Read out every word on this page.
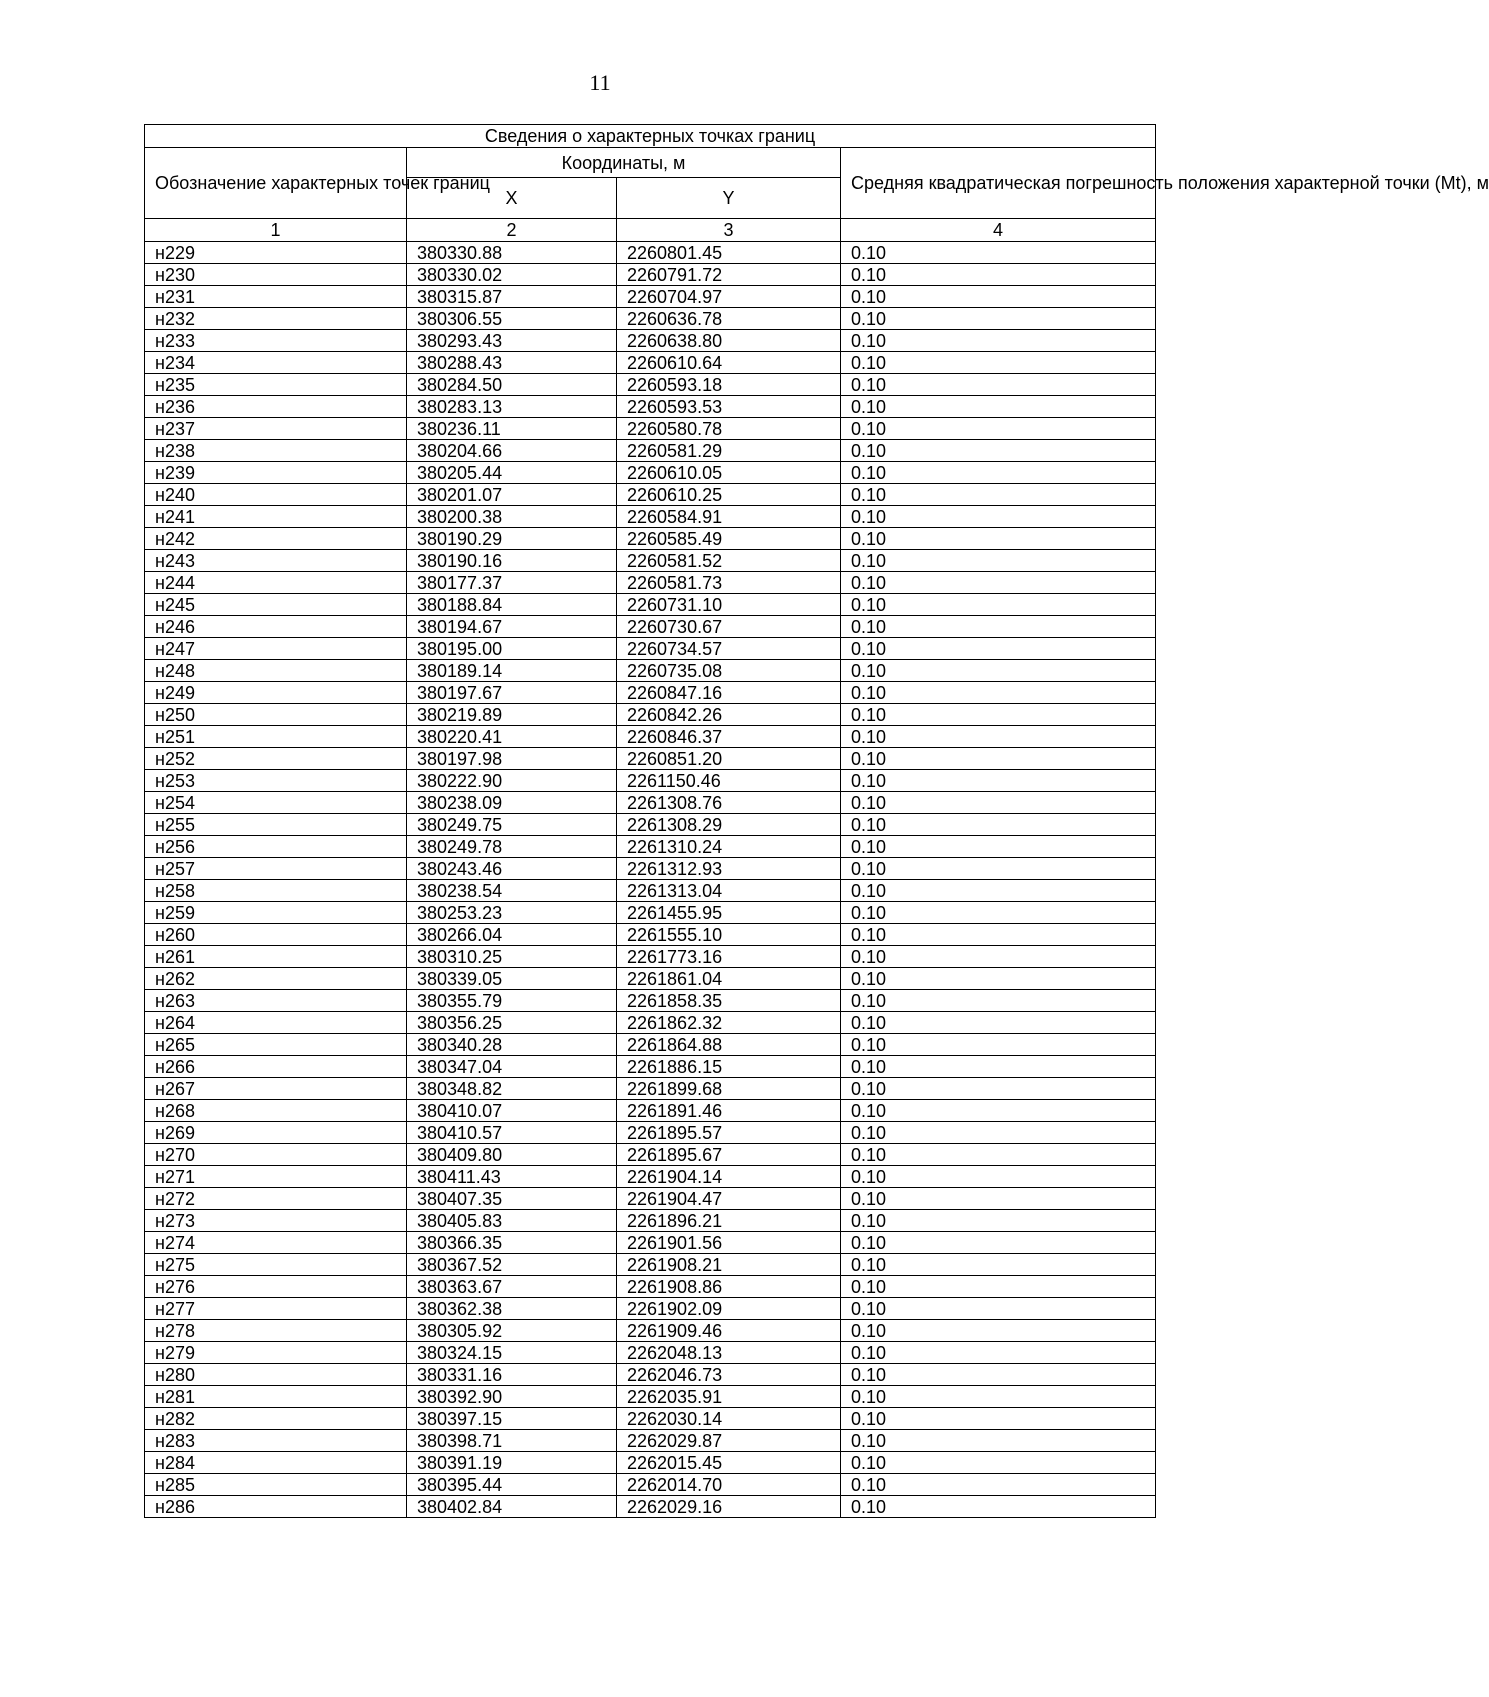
11
Сведения о характерных точках границ			
Обозначение характерных точек границ	Координаты, м		Средняя квадратическая погрешность положения характерной точки (Mt), м
	X	Y	
1	2	3	4
н229	380330.88	2260801.45	0.10
н230	380330.02	2260791.72	0.10
н231	380315.87	2260704.97	0.10
н232	380306.55	2260636.78	0.10
н233	380293.43	2260638.80	0.10
н234	380288.43	2260610.64	0.10
н235	380284.50	2260593.18	0.10
н236	380283.13	2260593.53	0.10
н237	380236.11	2260580.78	0.10
н238	380204.66	2260581.29	0.10
н239	380205.44	2260610.05	0.10
н240	380201.07	2260610.25	0.10
н241	380200.38	2260584.91	0.10
н242	380190.29	2260585.49	0.10
н243	380190.16	2260581.52	0.10
н244	380177.37	2260581.73	0.10
н245	380188.84	2260731.10	0.10
н246	380194.67	2260730.67	0.10
н247	380195.00	2260734.57	0.10
н248	380189.14	2260735.08	0.10
н249	380197.67	2260847.16	0.10
н250	380219.89	2260842.26	0.10
н251	380220.41	2260846.37	0.10
н252	380197.98	2260851.20	0.10
н253	380222.90	2261150.46	0.10
н254	380238.09	2261308.76	0.10
н255	380249.75	2261308.29	0.10
н256	380249.78	2261310.24	0.10
н257	380243.46	2261312.93	0.10
н258	380238.54	2261313.04	0.10
н259	380253.23	2261455.95	0.10
н260	380266.04	2261555.10	0.10
н261	380310.25	2261773.16	0.10
н262	380339.05	2261861.04	0.10
н263	380355.79	2261858.35	0.10
н264	380356.25	2261862.32	0.10
н265	380340.28	2261864.88	0.10
н266	380347.04	2261886.15	0.10
н267	380348.82	2261899.68	0.10
н268	380410.07	2261891.46	0.10
н269	380410.57	2261895.57	0.10
н270	380409.80	2261895.67	0.10
н271	380411.43	2261904.14	0.10
н272	380407.35	2261904.47	0.10
н273	380405.83	2261896.21	0.10
н274	380366.35	2261901.56	0.10
н275	380367.52	2261908.21	0.10
н276	380363.67	2261908.86	0.10
н277	380362.38	2261902.09	0.10
н278	380305.92	2261909.46	0.10
н279	380324.15	2262048.13	0.10
н280	380331.16	2262046.73	0.10
н281	380392.90	2262035.91	0.10
н282	380397.15	2262030.14	0.10
н283	380398.71	2262029.87	0.10
н284	380391.19	2262015.45	0.10
н285	380395.44	2262014.70	0.10
н286	380402.84	2262029.16	0.10
